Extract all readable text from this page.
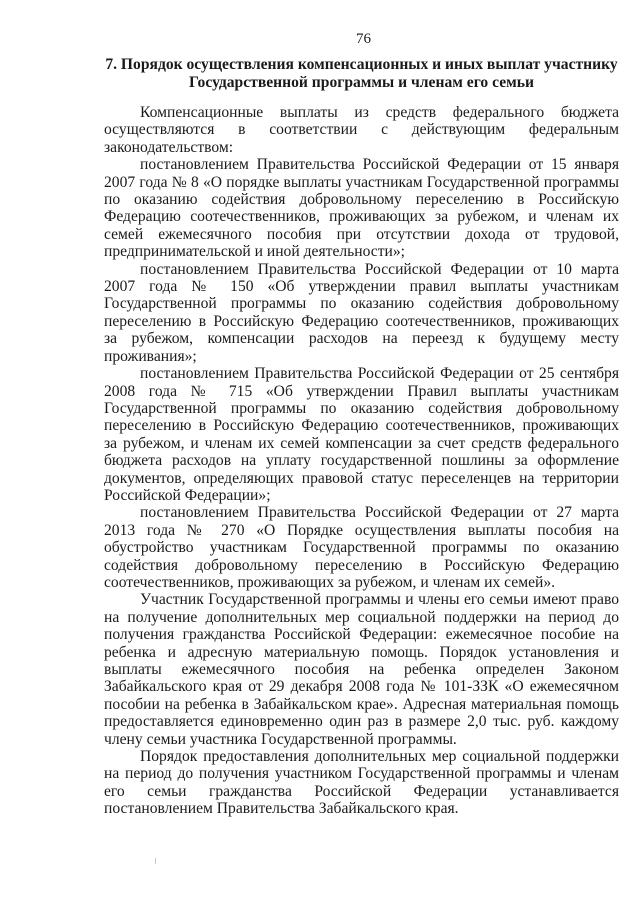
76
7. Порядок осуществления компенсационных и иных выплат участнику
Государственной программы и членам его семьи

Компенсационные выплаты из средств федерального бюджета осуществляются в соответствии с действующим федеральным законодательством:

постановлением Правительства Российской Федерации от 15 января 2007 года № 8 «О порядке выплаты участникам Государственной программы по оказанию содействия добровольному переселению в Российскую Федерацию соотечественников, проживающих за рубежом, и членам их семей ежемесячного пособия при отсутствии дохода от трудовой, предпринимательской и иной деятельности»;

постановлением Правительства Российской Федерации от 10 марта 2007 года № 150 «Об утверждении правил выплаты участникам Государственной программы по оказанию содействия добровольному переселению в Российскую Федерацию соотечественников, проживающих за рубежом, компенсации расходов на переезд к будущему месту проживания»;

постановлением Правительства Российской Федерации от 25 сентября 2008 года № 715 «Об утверждении Правил выплаты участникам Государственной программы по оказанию содействия добровольному переселению в Российскую Федерацию соотечественников, проживающих за рубежом, и членам их семей компенсации за счет средств федерального бюджета расходов на уплату государственной пошлины за оформление документов, определяющих правовой статус переселенцев на территории Российской Федерации»;

постановлением Правительства Российской Федерации от 27 марта 2013 года № 270 «О Порядке осуществления выплаты пособия на обустройство участникам Государственной программы по оказанию содействия добровольному переселению в Российскую Федерацию соотечественников, проживающих за рубежом, и членам их семей».

Участник Государственной программы и члены его семьи имеют право на получение дополнительных мер социальной поддержки на период до получения гражданства Российской Федерации: ежемесячное пособие на ребенка и адресную материальную помощь. Порядок установления и выплаты ежемесячного пособия на ребенка определен Законом Забайкальского края от 29 декабря 2008 года № 101-ЗЗК «О ежемесячном пособии на ребенка в Забайкальском крае». Адресная материальная помощь предоставляется единовременно один раз в размере 2,0 тыс. руб. каждому члену семьи участника Государственной программы.

Порядок предоставления дополнительных мер социальной поддержки на период до получения участником Государственной программы и членам его семьи гражданства Российской Федерации устанавливается постановлением Правительства Забайкальского края.
